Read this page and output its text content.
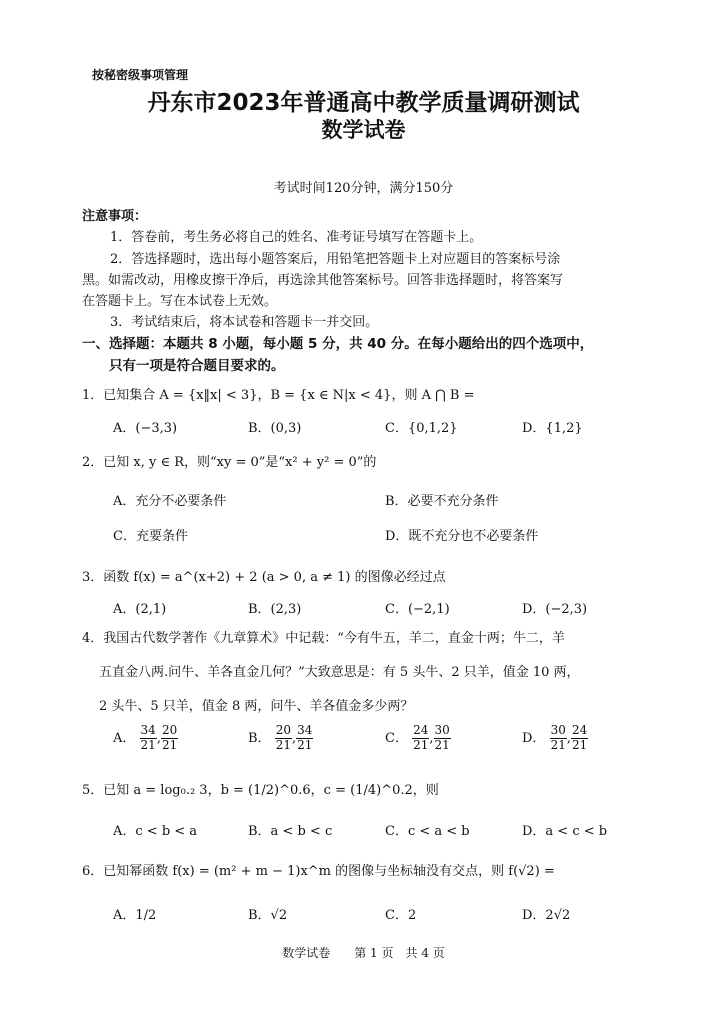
按秘密级事项管理
丹东市2023年普通高中教学质量调研测试
数学试卷
考试时间120分钟，满分150分
注意事项：
1．答卷前，考生务必将自己的姓名、准考证号填写在答题卡上。
2．答选择题时，选出每小题答案后，用铅笔把答题卡上对应题目的答案标号涂
黑。如需改动，用橡皮擦干净后，再选涂其他答案标号。回答非选择题时，将答案写
在答题卡上。写在本试卷上无效。
3．考试结束后，将本试卷和答题卡一并交回。
一、选择题：本题共 8 小题，每小题 5 分，共 40 分。在每小题给出的四个选项中，
只有一项是符合题目要求的。
1．已知集合 A = {x‖x| < 3}，B = {x ∈ N|x < 4}，则 A ⋂ B =
A．(−3,3)	B．(0,3)	C．{0,1,2}	D．{1,2}
2．已知 x, y ∈ R，则“xy = 0”是“x² + y² = 0”的
A．充分不必要条件	B．必要不充分条件
C．充要条件	D．既不充分也不必要条件
3．函数 f(x) = a^(x+2) + 2 (a > 0, a ≠ 1) 的图像必经过点
A．(2,1)	B．(2,3)	C．(−2,1)	D．(−2,3)
4．我国古代数学著作《九章算术》中记载：“今有牛五，羊二，直金十两；牛二，羊
五直金八两.问牛、羊各直金几何？”大致意思是：有 5 头牛、2 只羊，值金 10 两，
2 头牛、5 只羊，值金 8 两，问牛、羊各值金多少两？
A． $\frac{34}{21}$ , $\frac{20}{21}$	B． $\frac{20}{21}$ , $\frac{34}{21}$	C． $\frac{24}{21}$ , $\frac{30}{21}$	D． $\frac{30}{21}$ , $\frac{24}{21}$
5．已知 a = log₀.₂ 3，b = (1/2)^0.6，c = (1/4)^0.2，则
A．c < b < a	B．a < b < c	C．c < a < b	D．a < c < b
6．已知幂函数 f(x) = (m² + m − 1)x^m 的图像与坐标轴没有交点，则 f(√2) =
A．1/2	B．√2	C．2	D．2√2
数学试卷　　第 1 页　共 4 页
